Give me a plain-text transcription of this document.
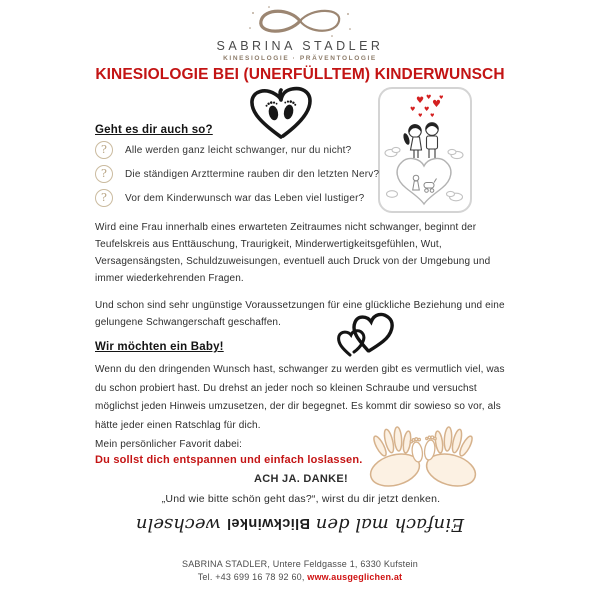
SABRINA STADLER
KINESIOLOGIE · PRÄVENTOLOGIE
KINESIOLOGIE BEI (UNERFÜLLTEM) KINDERWUNSCH
♥ ♥
♥
♥ ♥
♥
♥ ♥
Geht es dir auch so?
?	Alle werden ganz leicht schwanger, nur du nicht?
?	Die ständigen Arzttermine rauben dir den letzten Nerv?
?	Vor dem Kinderwunsch war das Leben viel lustiger?
Wird eine Frau innerhalb eines erwarteten Zeitraumes nicht schwanger, beginnt der Teufelskreis aus Enttäuschung, Traurigkeit, Minderwertigkeitsgefühlen, Wut, Versagensängsten, Schuldzuweisungen, eventuell auch Druck von der Umgebung und immer wiederkehrenden Fragen.
Und schon sind sehr ungünstige Voraussetzungen für eine glückliche Beziehung und eine gelungene Schwangerschaft geschaffen.
Wir möchten ein Baby!
Wenn du den dringenden Wunsch hast, schwanger zu werden gibt es vermutlich viel, was du schon probiert hast. Du drehst an jeder noch so kleinen Schraube und versuchst möglichst jeden Hinweis umzusetzen, der dir begegnet. Es kommt dir sowieso so vor, als hätte jeder einen Ratschlag für dich.
Mein persönlicher Favorit dabei:
Du sollst dich entspannen und einfach loslassen.
ACH JA. DANKE!
„Und wie bitte schön geht das?“, wirst du dir jetzt denken.
Einfach mal den Blickwinkel wechseln
SABRINA STADLER, Untere Feldgasse 1, 6330 Kufstein
Tel. +43 699 16 78 92 60, www.ausgeglichen.at
